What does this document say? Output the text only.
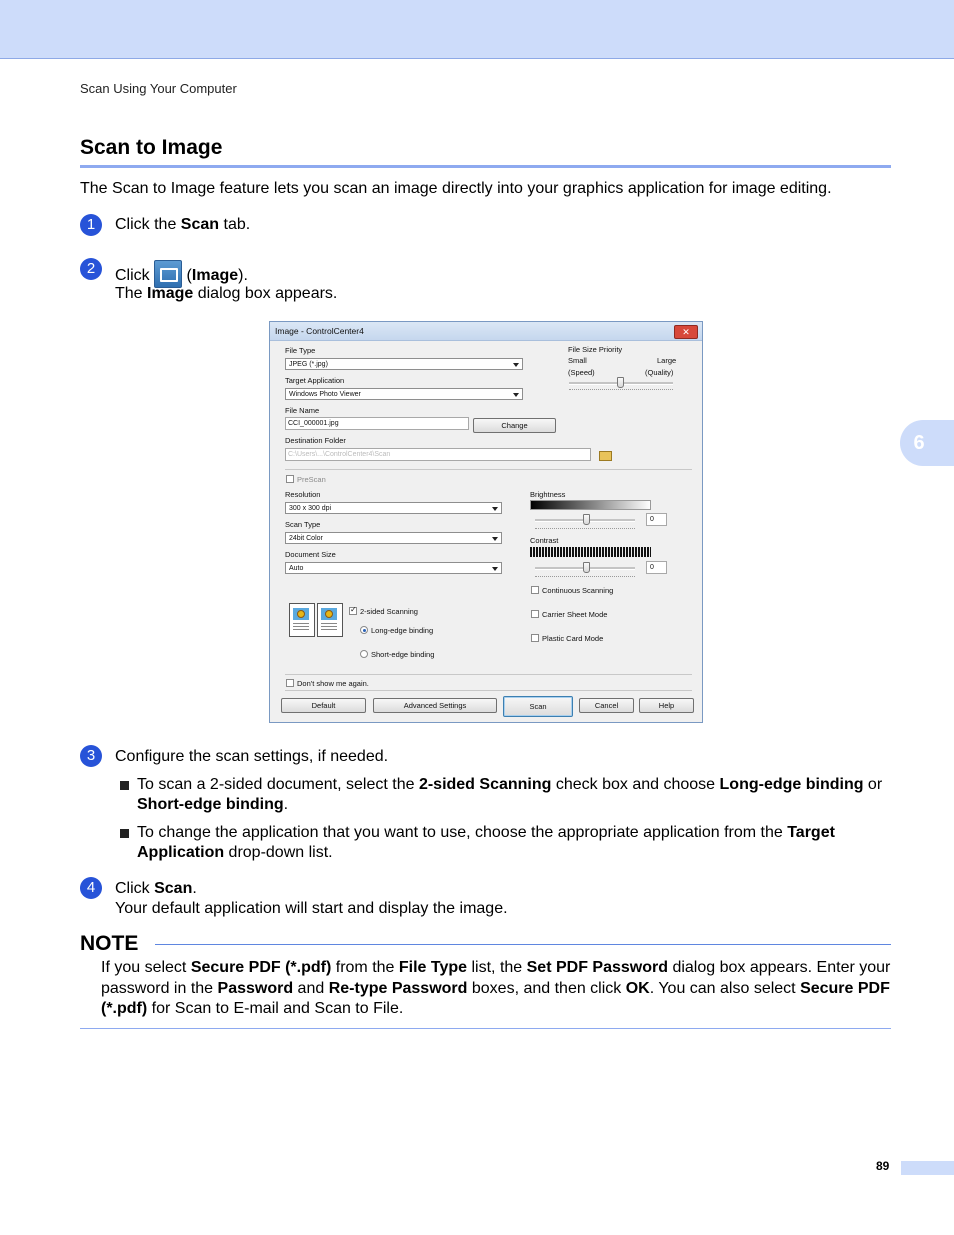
Scan Using Your Computer
Scan to Image
The Scan to Image feature lets you scan an image directly into your graphics application for image editing.
6
1	Click the Scan tab.
2	Click  (Image).
The Image dialog box appears.
Image - ControlCenter4	✕
File Type
JPEG (*.jpg)
Target Application
Windows Photo Viewer
File Name
CCI_000001.jpg	Change
Destination Folder
C:\Users\...\ControlCenter4\Scan
File Size Priority
Small
(Speed)
Large
(Quality)
PreScan
Resolution
300 x 300 dpi
Scan Type
24bit Color
Document Size
Auto
Brightness
0
Contrast
0
Continuous Scanning
✓
2-sided Scanning
Long-edge binding
Short-edge binding
Carrier Sheet Mode
Plastic Card Mode
Don't show me again.
Default	Advanced Settings	Scan	Cancel	Help
3	Configure the scan settings, if needed.
To scan a 2-sided document, select the 2-sided Scanning check box and choose Long-edge binding or Short-edge binding.
To change the application that you want to use, choose the appropriate application from the Target Application drop-down list.
4	Click Scan.
Your default application will start and display the image.
NOTE
If you select Secure PDF (*.pdf) from the File Type list, the Set PDF Password dialog box appears. Enter your password in the Password and Re-type Password boxes, and then click OK. You can also select Secure PDF (*.pdf) for Scan to E-mail and Scan to File.
89
